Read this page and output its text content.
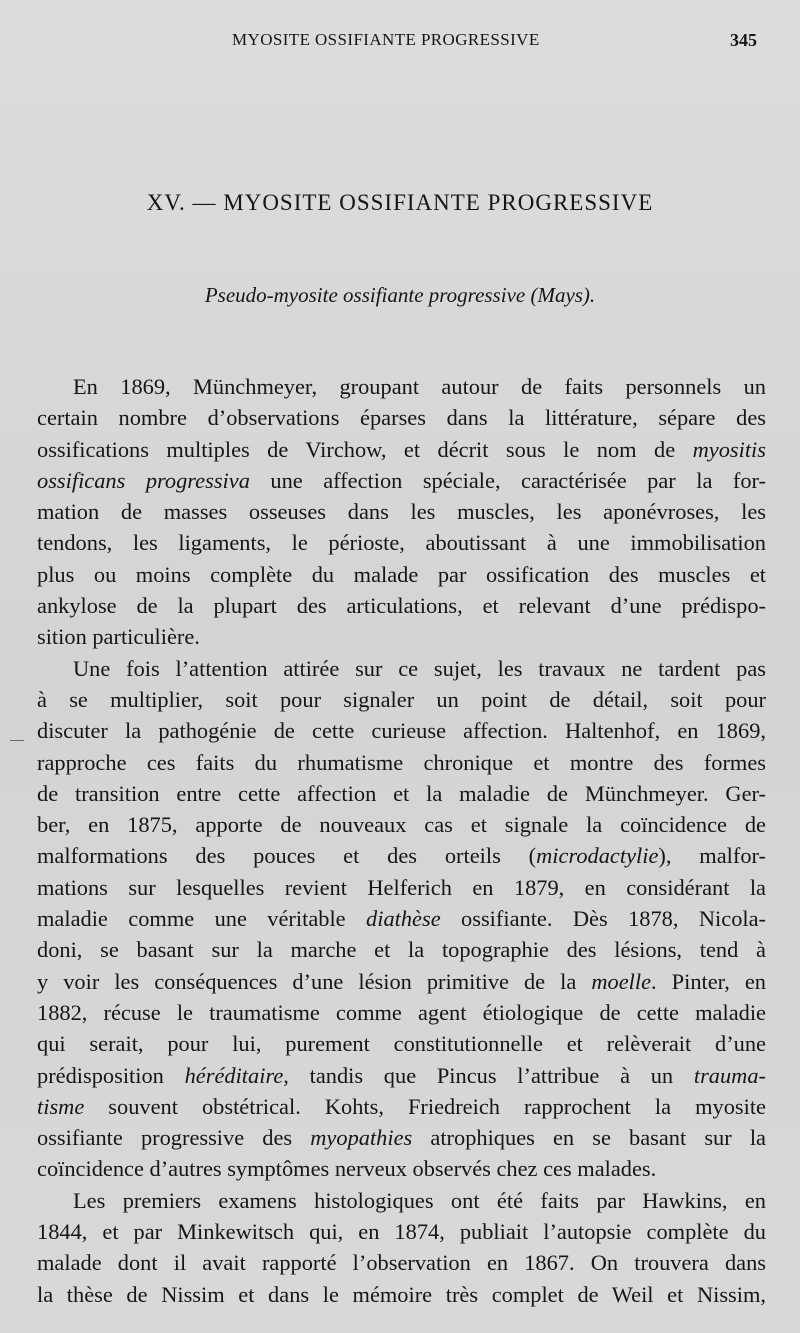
MYOSITE OSSIFIANTE PROGRESSIVE	345
XV. — MYOSITE OSSIFIANTE PROGRESSIVE
Pseudo-myosite ossifiante progressive (Mays).
En 1869, Münchmeyer, groupant autour de faits personnels un
certain nombre d’observations éparses dans la littérature, sépare des
ossifications multiples de Virchow, et décrit sous le nom de myositis
ossificans progressiva une affection spéciale, caractérisée par la for-
mation de masses osseuses dans les muscles, les aponévroses, les
tendons, les ligaments, le périoste, aboutissant à une immobilisation
plus ou moins complète du malade par ossification des muscles et
ankylose de la plupart des articulations, et relevant d’une prédispo-
sition particulière.
Une fois l’attention attirée sur ce sujet, les travaux ne tardent pas
à se multiplier, soit pour signaler un point de détail, soit pour
discuter la pathogénie de cette curieuse affection. Haltenhof, en 1869,
rapproche ces faits du rhumatisme chronique et montre des formes
de transition entre cette affection et la maladie de Münchmeyer. Ger-
ber, en 1875, apporte de nouveaux cas et signale la coïncidence de
malformations des pouces et des orteils (microdactylie), malfor-
mations sur lesquelles revient Helferich en 1879, en considérant la
maladie comme une véritable diathèse ossifiante. Dès 1878, Nicola-
doni, se basant sur la marche et la topographie des lésions, tend à
y voir les conséquences d’une lésion primitive de la moelle. Pinter, en
1882, récuse le traumatisme comme agent étiologique de cette maladie
qui serait, pour lui, purement constitutionnelle et relèverait d’une
prédisposition héréditaire, tandis que Pincus l’attribue à un trauma-
tisme souvent obstétrical. Kohts, Friedreich rapprochent la myosite
ossifiante progressive des myopathies atrophiques en se basant sur la
coïncidence d’autres symptômes nerveux observés chez ces malades.
Les premiers examens histologiques ont été faits par Hawkins, en
1844, et par Minkewitsch qui, en 1874, publiait l’autopsie complète du
malade dont il avait rapporté l’observation en 1867. On trouvera dans
la thèse de Nissim et dans le mémoire très complet de Weil et Nissim,
